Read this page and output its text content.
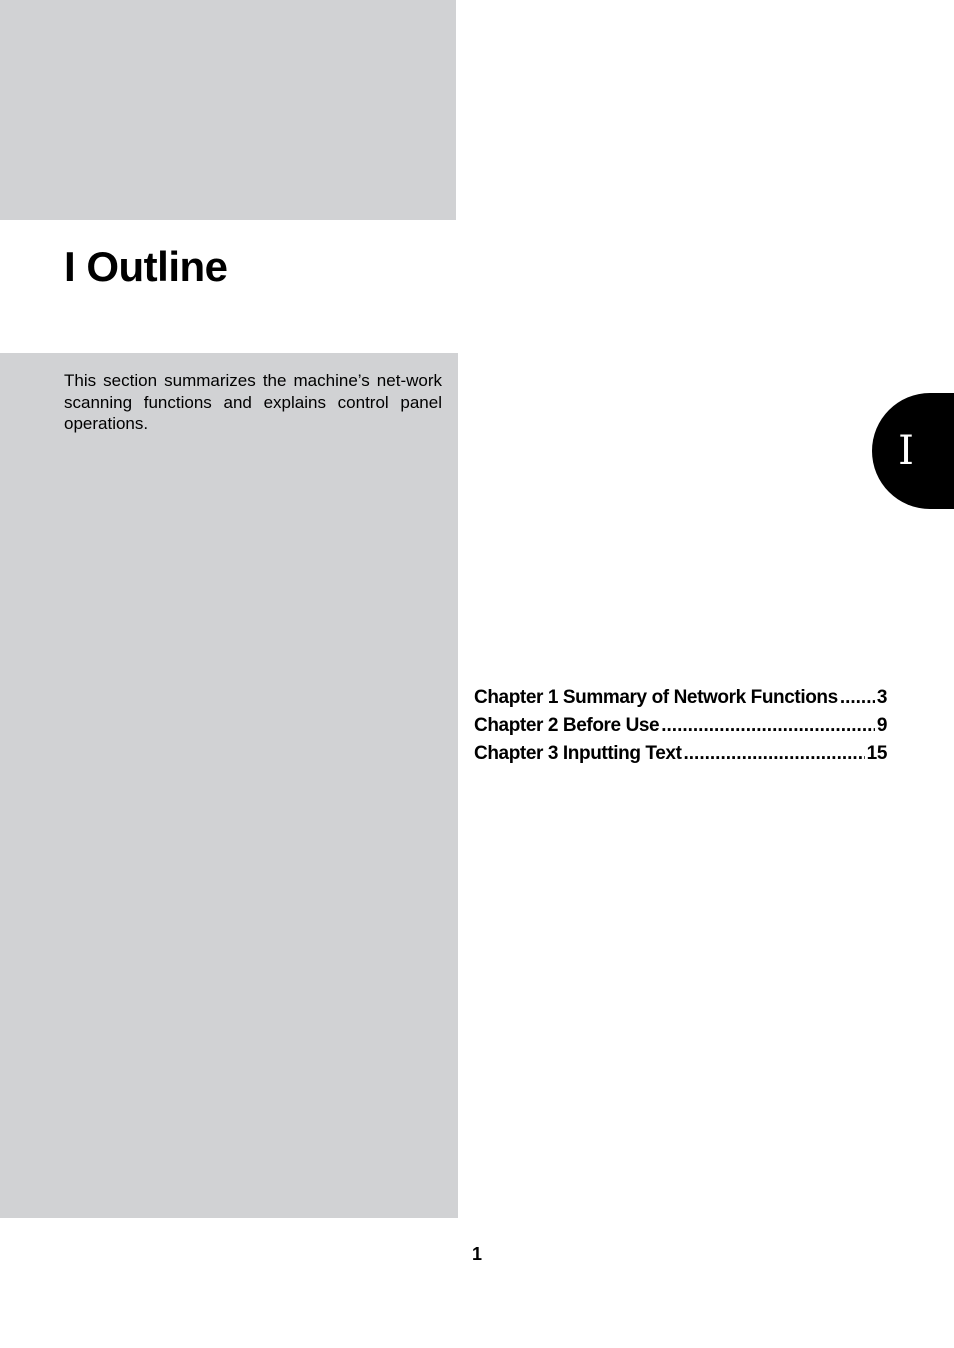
I Outline

This section summarizes the machine’s net-work scanning functions and explains control panel operations.

I
Chapter 1 Summary of Network Functions ..... 3
Chapter 2 Before Use .....	9
Chapter 3 Inputting Text .....	15
1
